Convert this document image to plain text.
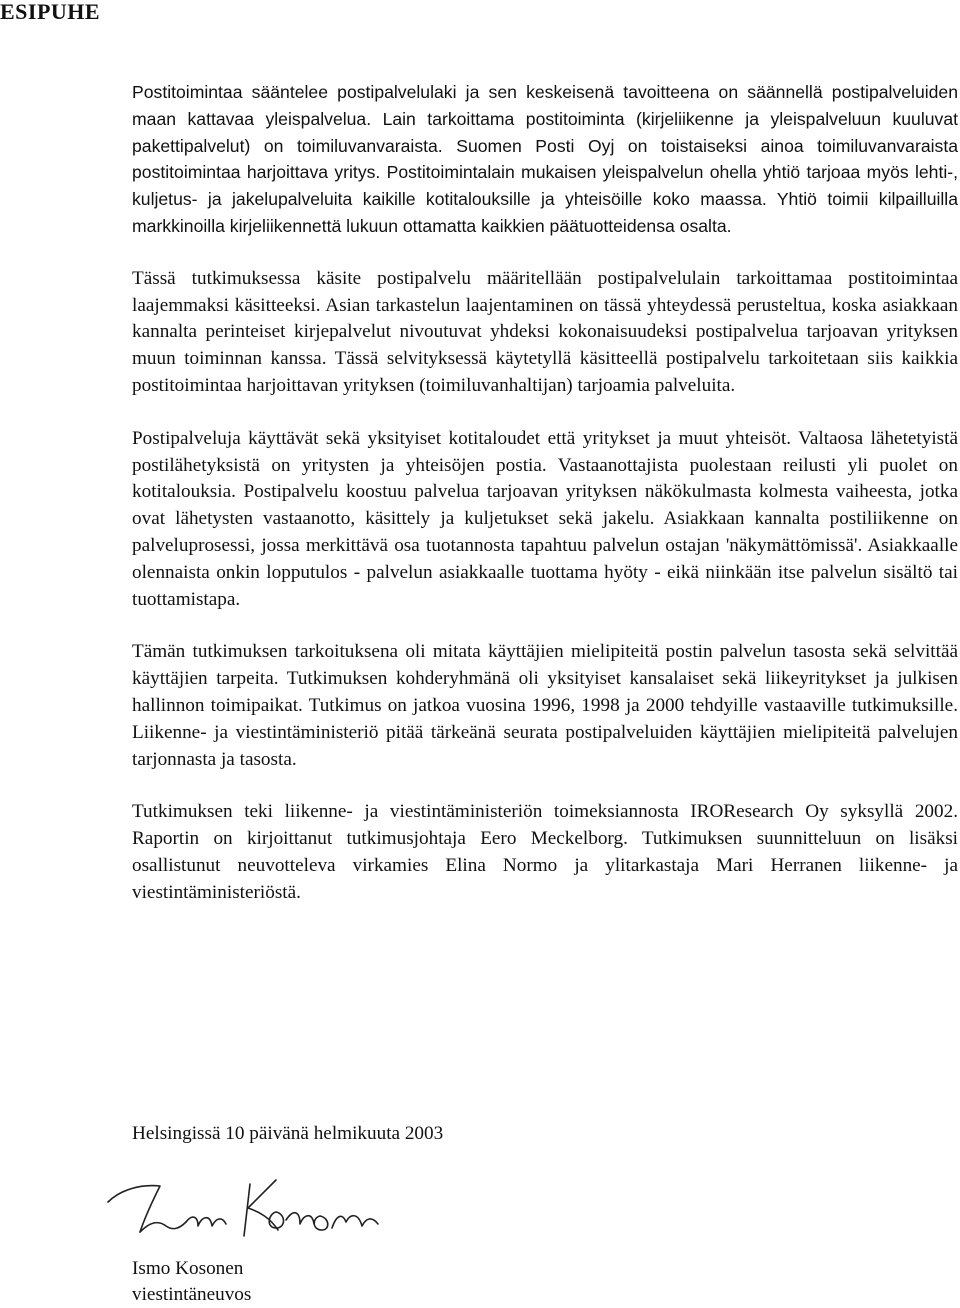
ESIPUHE

Postitoimintaa sääntelee postipalvelulaki ja sen keskeisenä tavoitteena on säännellä postipalveluiden maan kattavaa yleispalvelua. Lain tarkoittama postitoiminta (kirjeliikenne ja yleispalveluun kuuluvat pakettipalvelut) on toimiluvanvaraista. Suomen Posti Oyj on toistaiseksi ainoa toimiluvanvaraista postitoimintaa harjoittava yritys. Postitoimintalain mukaisen yleispalvelun ohella yhtiö tarjoaa myös lehti-, kuljetus- ja jakelupalveluita kaikille kotitalouksille ja yhteisöille koko maassa. Yhtiö toimii kilpailluilla markkinoilla kirjeliikennettä lukuun ottamatta kaikkien päätuotteidensa osalta.

Tässä tutkimuksessa käsite postipalvelu määritellään postipalvelulain tarkoittamaa postitoimintaa laajemmaksi käsitteeksi. Asian tarkastelun laajentaminen on tässä yhteydessä perusteltua, koska asiakkaan kannalta perinteiset kirjepalvelut nivoutuvat yhdeksi kokonaisuudeksi postipalvelua tarjoavan yrityksen muun toiminnan kanssa. Tässä selvityksessä käytetyllä käsitteellä postipalvelu tarkoitetaan siis kaikkia postitoimintaa harjoittavan yrityksen (toimiluvanhaltijan) tarjoamia palveluita.

Postipalveluja käyttävät sekä yksityiset kotitaloudet että yritykset ja muut yhteisöt. Valtaosa lähetetyistä postilähetyksistä on yritysten ja yhteisöjen postia. Vastaanottajista puolestaan reilusti yli puolet on kotitalouksia. Postipalvelu koostuu palvelua tarjoavan yrityksen näkökulmasta kolmesta vaiheesta, jotka ovat lähetysten vastaanotto, käsittely ja kuljetukset sekä jakelu. Asiakkaan kannalta postiliikenne on palveluprosessi, jossa merkittävä osa tuotannosta tapahtuu palvelun ostajan 'näkymättömissä'. Asiakkaalle olennaista onkin lopputulos - palvelun asiakkaalle tuottama hyöty - eikä niinkään itse palvelun sisältö tai tuottamistapa.

Tämän tutkimuksen tarkoituksena oli mitata käyttäjien mielipiteitä postin palvelun tasosta sekä selvittää käyttäjien tarpeita. Tutkimuksen kohderyhmänä oli yksityiset kansalaiset sekä liikeyritykset ja julkisen hallinnon toimipaikat. Tutkimus on jatkoa vuosina 1996, 1998 ja 2000 tehdyille vastaaville tutkimuksille. Liikenne- ja viestintäministeriö pitää tärkeänä seurata postipalveluiden käyttäjien mielipiteitä palvelujen tarjonnasta ja tasosta.

Tutkimuksen teki liikenne- ja viestintäministeriön toimeksiannosta IROResearch Oy syksyllä 2002. Raportin on kirjoittanut tutkimusjohtaja Eero Meckelborg. Tutkimuksen suunnitteluun on lisäksi osallistunut neuvotteleva virkamies Elina Normo ja ylitarkastaja Mari Herranen liikenne- ja viestintäministeriöstä.

Helsingissä 10 päivänä helmikuuta 2003

Ismo Kosonen
viestintäneuvos
